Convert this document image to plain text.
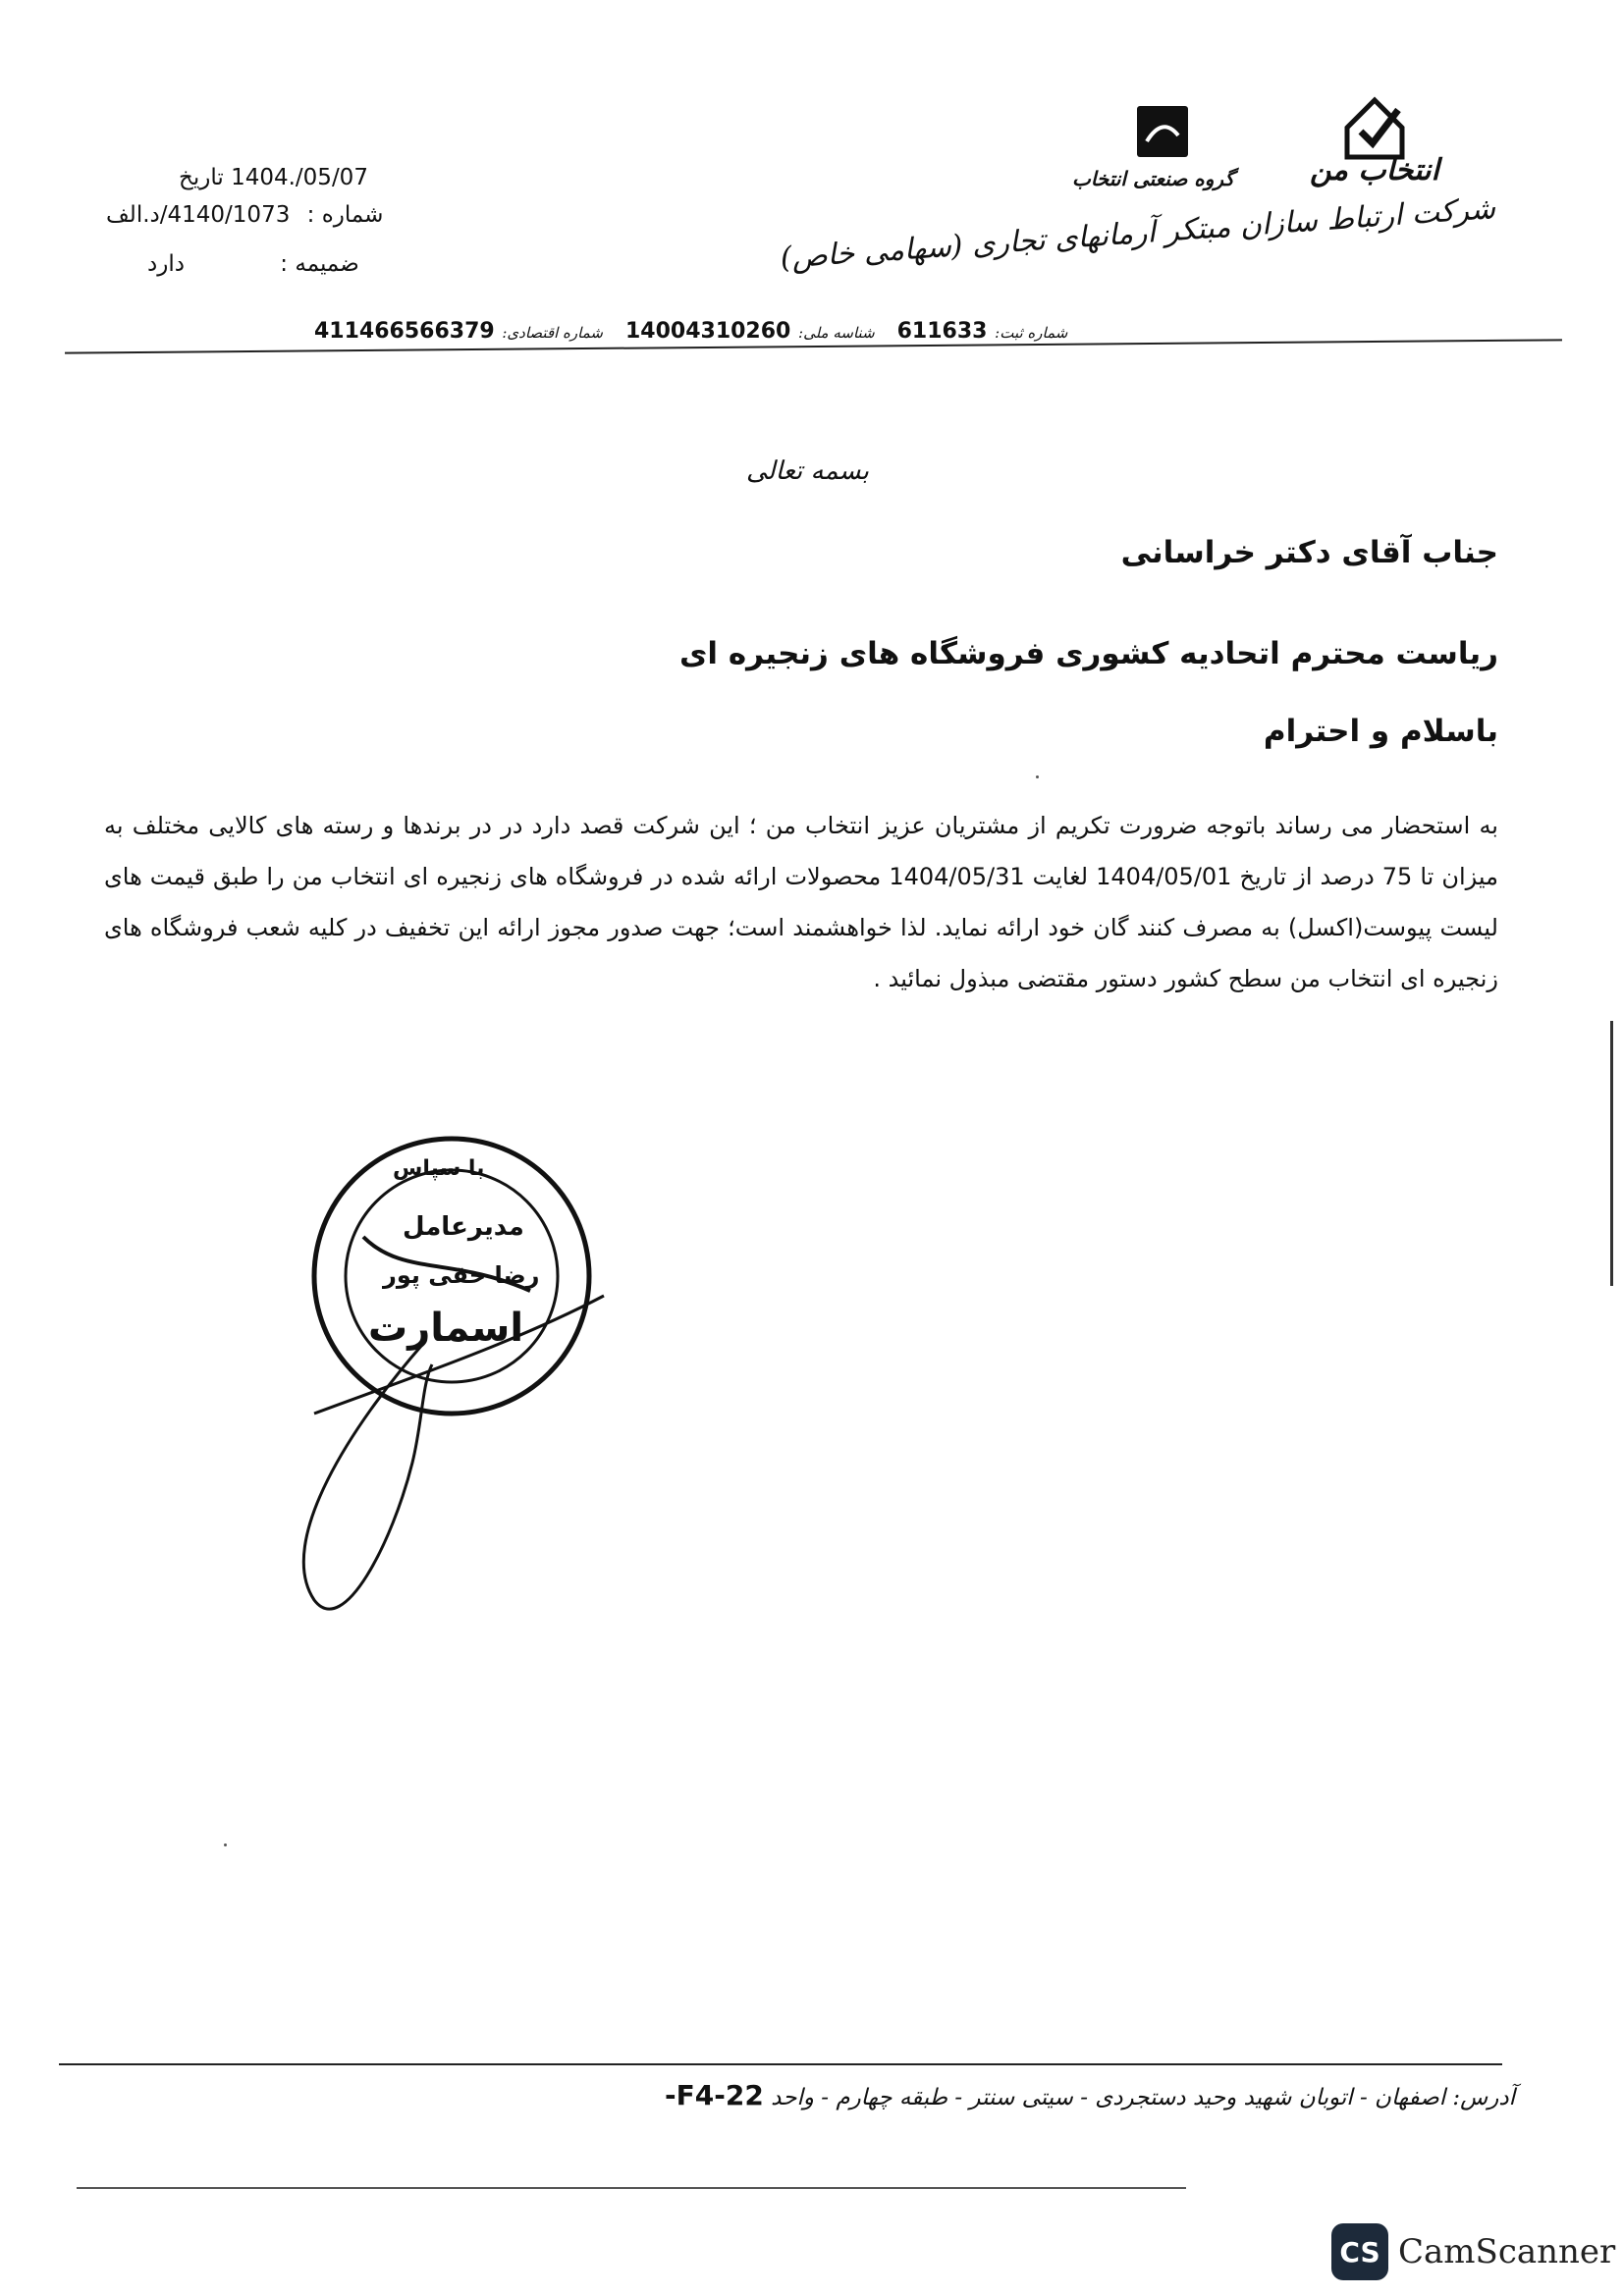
انتخاب من
گروه صنعتی انتخاب
شرکت ارتباط سازان مبتکر آرمانهای تجاری (سهامی خاص)
تاریخ 1404./05/07
شماره : 4140/1073/د.الف
ضمیمه : دارد
شماره ثبت: 611633   شناسه ملی: 14004310260   شماره اقتصادی: 411466566379
بسمه تعالی
جناب آقای دکتر خراسانی
ریاست محترم اتحادیه کشوری فروشگاه های زنجیره ای
باسلام و احترام
به استحضار می رساند باتوجه ضرورت تکریم از مشتریان عزیز انتخاب من ؛ این شرکت قصد دارد در در برندها و رسته های کالایی مختلف به میزان تا 75 درصد از تاریخ 1404/05/01 لغایت 1404/05/31 محصولات ارائه شده در فروشگاه های زنجیره ای انتخاب من را طبق قیمت های لیست پیوست(اکسل) به مصرف کنند گان خود ارائه نماید. لذا خواهشمند است؛ جهت صدور مجوز ارائه این تخفیف در کلیه شعب فروشگاه های زنجیره ای انتخاب من سطح کشور دستور مقتضی مبذول نمائید .
با سپاس
مدیرعامل
رضا حقی پور
اسمارت
آدرس: اصفهان - اتوبان شهید وحید دستجردی - سیتی سنتر - طبقه چهارم - واحد 22-F4-
CS CamScanner
